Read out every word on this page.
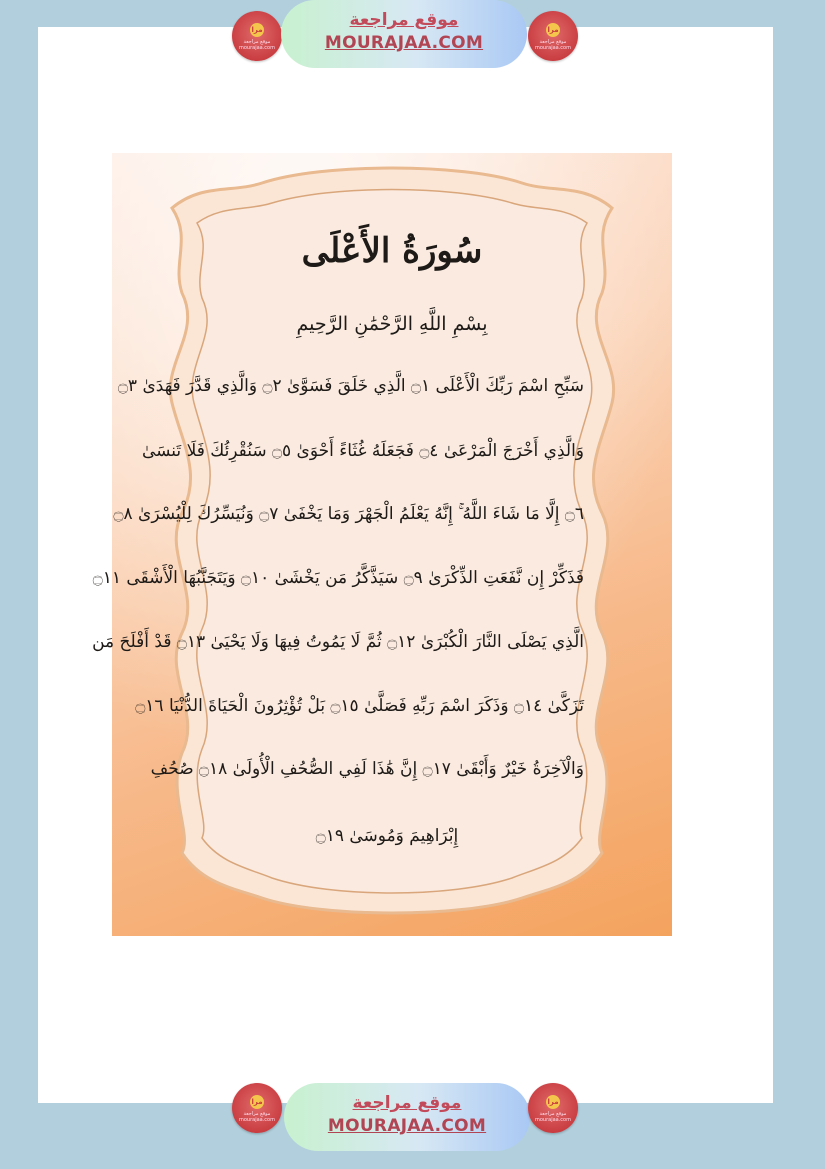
مرا
موقع مراجعة
mourajaa.com
موقع مراجعة
MOURAJAA.COM
مرا
موقع مراجعة
mourajaa.com
سُورَةُ الأَعْلَى
بِسْمِ اللَّهِ الرَّحْمَٰنِ الرَّحِيمِ
سَبِّحِ اسْمَ رَبِّكَ الْأَعْلَى ۝١ الَّذِي خَلَقَ فَسَوَّىٰ ۝٢ وَالَّذِي قَدَّرَ فَهَدَىٰ ۝٣
وَالَّذِي أَخْرَجَ الْمَرْعَىٰ ۝٤ فَجَعَلَهُ غُثَاءً أَحْوَىٰ ۝٥ سَنُقْرِئُكَ فَلَا تَنسَىٰ
۝٦ إِلَّا مَا شَاءَ اللَّهُ ۚ إِنَّهُ يَعْلَمُ الْجَهْرَ وَمَا يَخْفَىٰ ۝٧ وَنُيَسِّرُكَ لِلْيُسْرَىٰ ۝٨
فَذَكِّرْ إِن نَّفَعَتِ الذِّكْرَىٰ ۝٩ سَيَذَّكَّرُ مَن يَخْشَىٰ ۝١٠ وَيَتَجَنَّبُهَا الْأَشْقَى ۝١١
الَّذِي يَصْلَى النَّارَ الْكُبْرَىٰ ۝١٢ ثُمَّ لَا يَمُوتُ فِيهَا وَلَا يَحْيَىٰ ۝١٣ قَدْ أَفْلَحَ مَن
تَزَكَّىٰ ۝١٤ وَذَكَرَ اسْمَ رَبِّهِ فَصَلَّىٰ ۝١٥ بَلْ تُؤْثِرُونَ الْحَيَاةَ الدُّنْيَا ۝١٦
وَالْآخِرَةُ خَيْرٌ وَأَبْقَىٰ ۝١٧ إِنَّ هَٰذَا لَفِي الصُّحُفِ الْأُولَىٰ ۝١٨ صُحُفِ
إِبْرَاهِيمَ وَمُوسَىٰ ۝١٩
مرا
موقع مراجعة
mourajaa.com
موقع مراجعة
MOURAJAA.COM
مرا
موقع مراجعة
mourajaa.com
